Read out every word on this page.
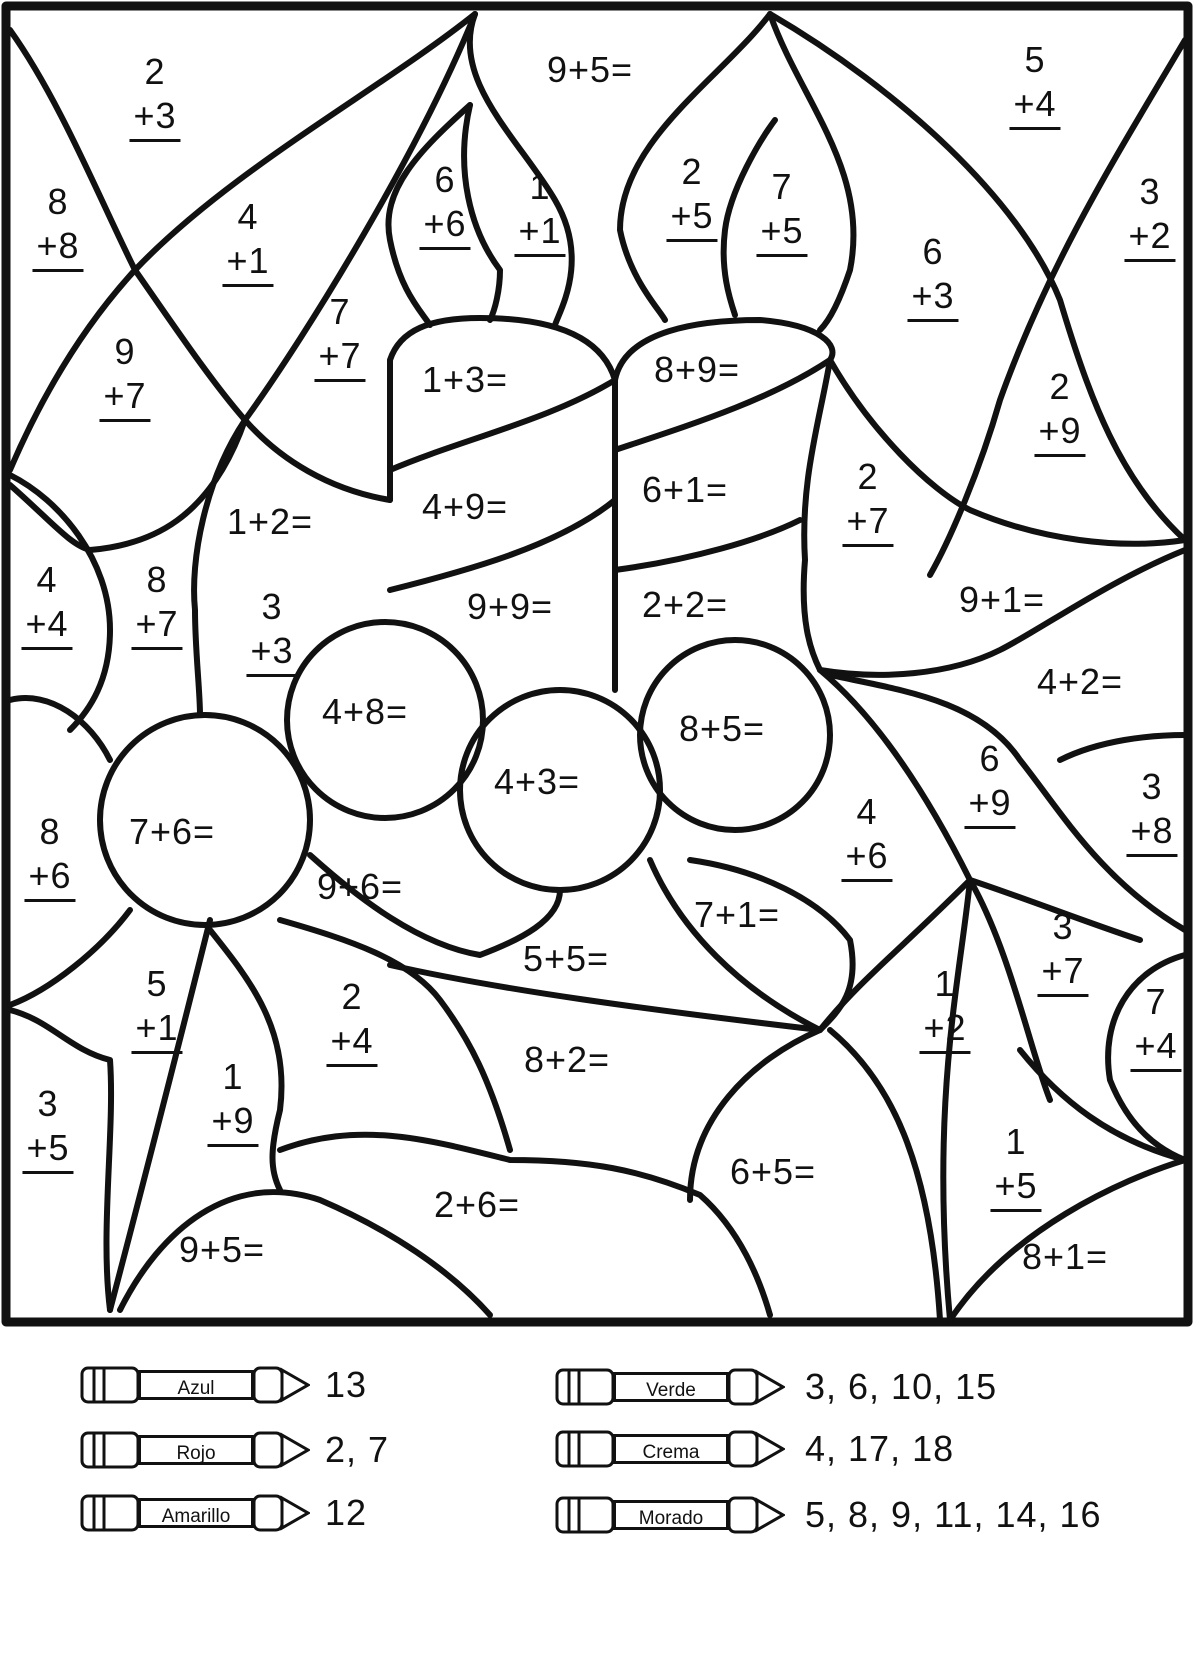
2
+3
9+5=	5
+4
8
+8
4
+1
6
+6
1
+1
2
+5
7
+5
3
+2
6
+3
9
+7
7
+7
1+3=	8+9=	2
+9
1+2=	4+9=	6+1=	2
+7
4
+4
8
+7	3
+3
9+9= 2+2=	9+1=
4+2=
4+8=	8+5=
6
+9	3
+8
8
+6
7+6=
4+3=
4
+6
9+6=
7+1=	3
+7
5
+1
5+5=
2
+4
1
+2
7
+4
3
+5
1
+9
8+2=
1
+5
6+5=
2+6=
9+5=	8+1=
Azul	13
Rojo	2, 7
Amarillo	12
Verde	3, 6, 10, 15
Crema	4, 17, 18
Morado	5, 8, 9, 11, 14, 16
